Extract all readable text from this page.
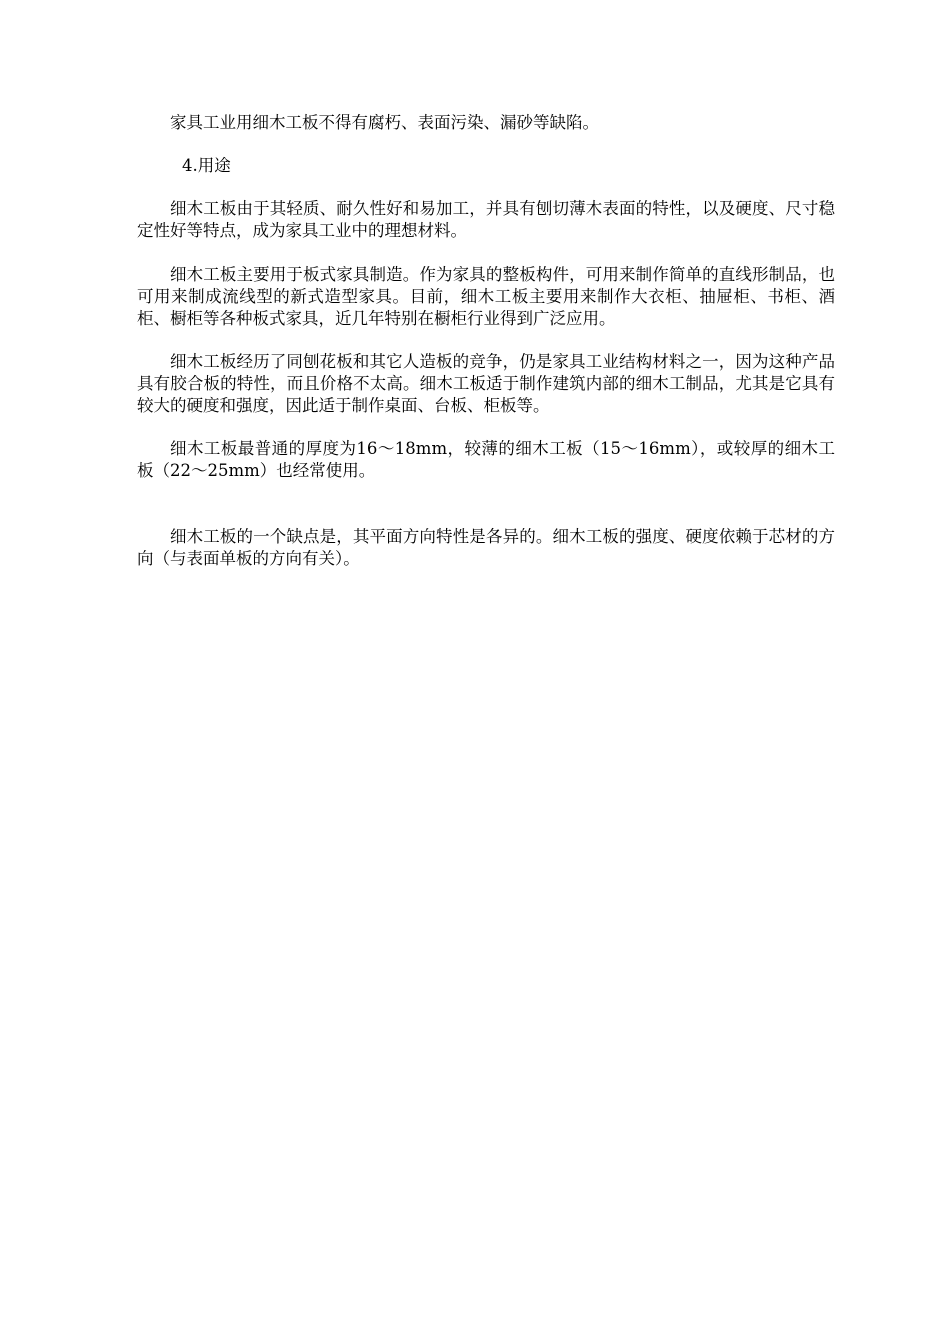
家具工业用细木工板不得有腐朽、表面污染、漏砂等缺陷。

4.用途

细木工板由于其轻质、耐久性好和易加工，并具有刨切薄木表面的特性，以及硬度、尺寸稳定性好等特点，成为家具工业中的理想材料。

细木工板主要用于板式家具制造。作为家具的整板构件，可用来制作简单的直线形制品，也可用来制成流线型的新式造型家具。目前，细木工板主要用来制作大衣柜、抽屉柜、书柜、酒柜、橱柜等各种板式家具，近几年特别在橱柜行业得到广泛应用。

细木工板经历了同刨花板和其它人造板的竞争，仍是家具工业结构材料之一，因为这种产品具有胶合板的特性，而且价格不太高。细木工板适于制作建筑内部的细木工制品，尤其是它具有较大的硬度和强度，因此适于制作桌面、台板、柜板等。

细木工板最普通的厚度为16～18mm，较薄的细木工板（15～16mm），或较厚的细木工板（22～25mm）也经常使用。

细木工板的一个缺点是，其平面方向特性是各异的。细木工板的强度、硬度依赖于芯材的方向（与表面单板的方向有关）。
